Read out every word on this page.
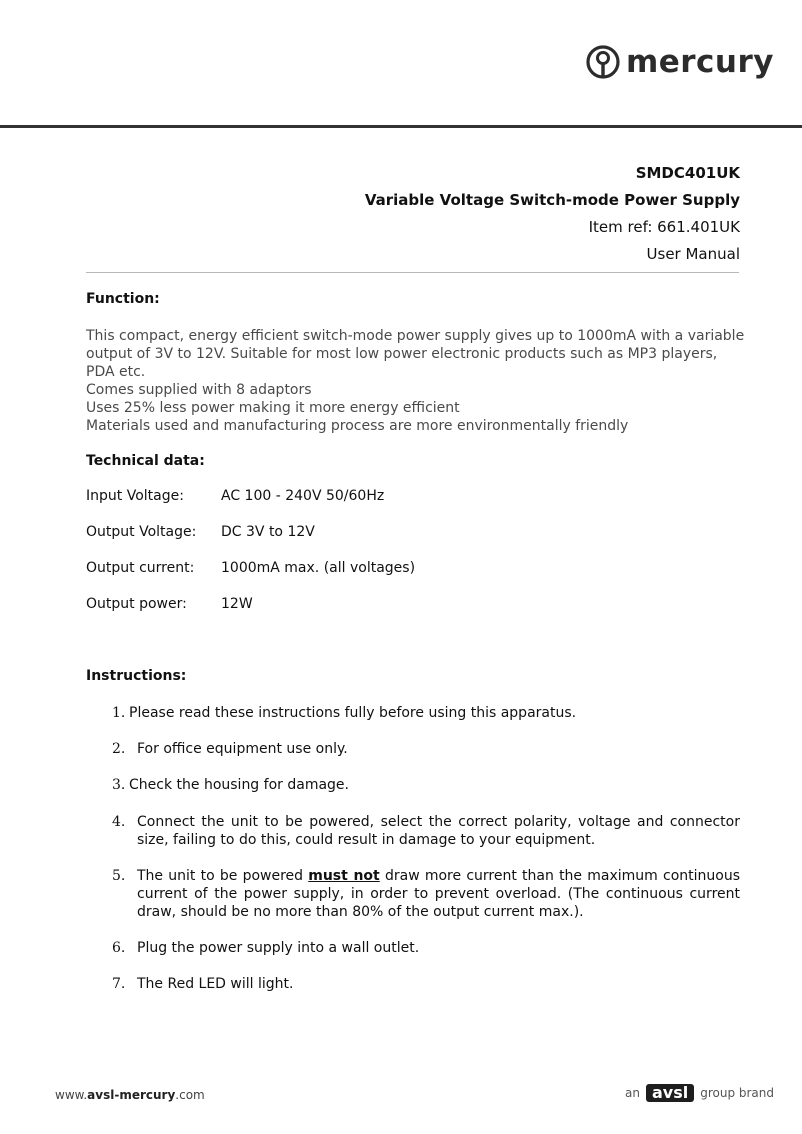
mercury
SMDC401UK
Variable Voltage Switch-mode Power Supply
Item ref: 661.401UK
User Manual
Function:
This compact, energy efficient switch-mode power supply gives up to 1000mA with a variable
output of 3V to 12V. Suitable for most low power electronic products such as MP3 players, PDA etc.
Comes supplied with 8 adaptors
Uses 25% less power making it more energy efficient
Materials used and manufacturing process are more environmentally friendly
Technical data:
Input Voltage:	AC 100 - 240V 50/60Hz
Output Voltage:	DC 3V to 12V
Output current:	1000mA max. (all voltages)
Output power:	12W
Instructions:
1. Please read these instructions fully before using this apparatus.
2. For office equipment use only.
3. Check the housing for damage.
4. Connect the unit to be powered, select the correct polarity, voltage and connector size, failing to do this, could result in damage to your equipment.
5. The unit to be powered must not draw more current than the maximum continuous current of the power supply, in order to prevent overload. (The continuous current draw, should be no more than 80% of the output current max.).
6. Plug the power supply into a wall outlet.
7. The Red LED will light.
www.avsl-mercury.com	an avsl	group brand
